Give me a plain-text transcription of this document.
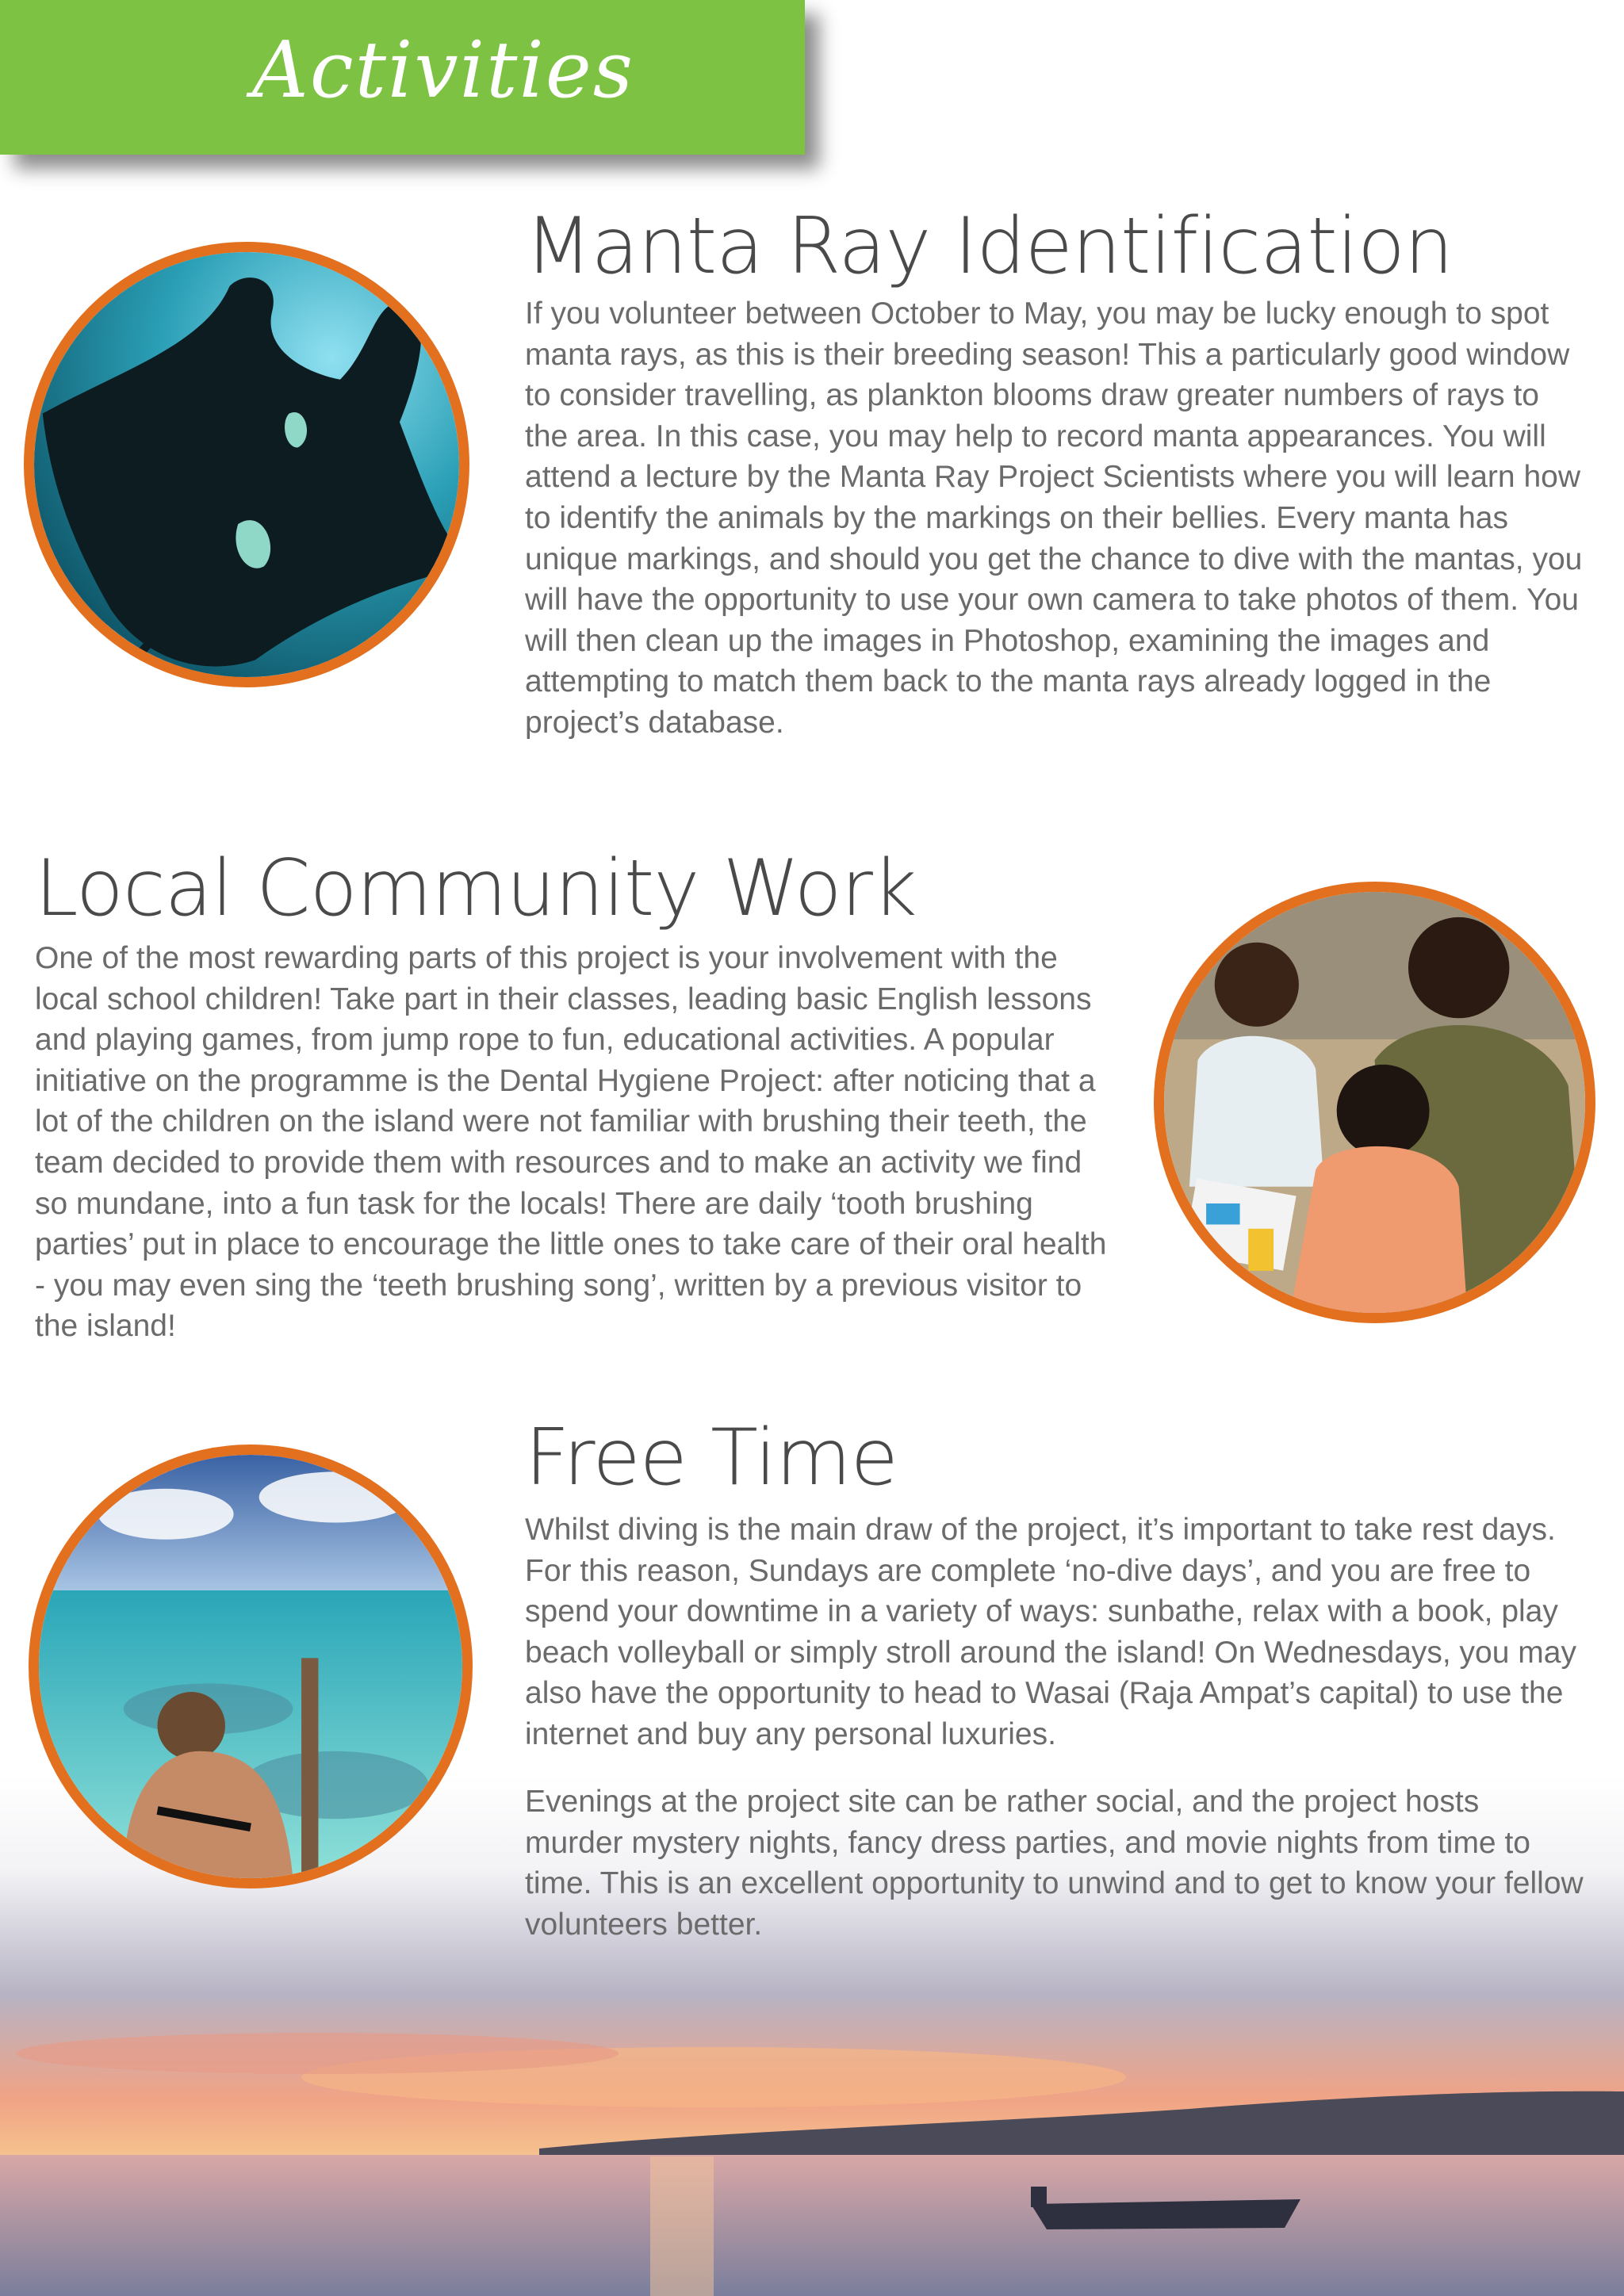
Activities
Manta Ray Identification

If you volunteer between October to May, you may be lucky enough to spot manta rays, as this is their breeding season! This a particularly good window to consider travelling, as plankton blooms draw greater numbers of rays to the area. In this case, you may help to record manta appearances. You will attend a lecture by the Manta Ray Project Scientists where you will learn how to identify the animals by the markings on their bellies. Every manta has unique markings, and should you get the chance to dive with the mantas, you will have the opportunity to use your own camera to take photos of them. You will then clean up the images in Photoshop, examining the images and attempting to match them back to the manta rays already logged in the project’s database.

Local Community Work

One of the most rewarding parts of this project is your involvement with the local school children! Take part in their classes, leading basic English lessons and playing games, from jump rope to fun, educational activities. A popular initiative on the programme is the Dental Hygiene Project: after noticing that a lot of the children on the island were not familiar with brushing their teeth, the team decided to provide them with resources and to make an activity we find so mundane, into a fun task for the locals! There are daily ‘tooth brushing parties’ put in place to encourage the little ones to take care of their oral health - you may even sing the ‘teeth brushing song’, written by a previous visitor to the island!

Free Time

Whilst diving is the main draw of the project, it’s important to take rest days. For this reason, Sundays are complete ‘no-dive days’, and you are free to spend your downtime in a variety of ways: sunbathe, relax with a book, play beach volleyball or simply stroll around the island! On Wednesdays, you may also have the opportunity to head to Wasai (Raja Ampat’s capital) to use the internet and buy any personal luxuries.

Evenings at the project site can be rather social, and the project hosts murder mystery nights, fancy dress parties, and movie nights from time to time. This is an excellent opportunity to unwind and to get to know your fellow volunteers better.
